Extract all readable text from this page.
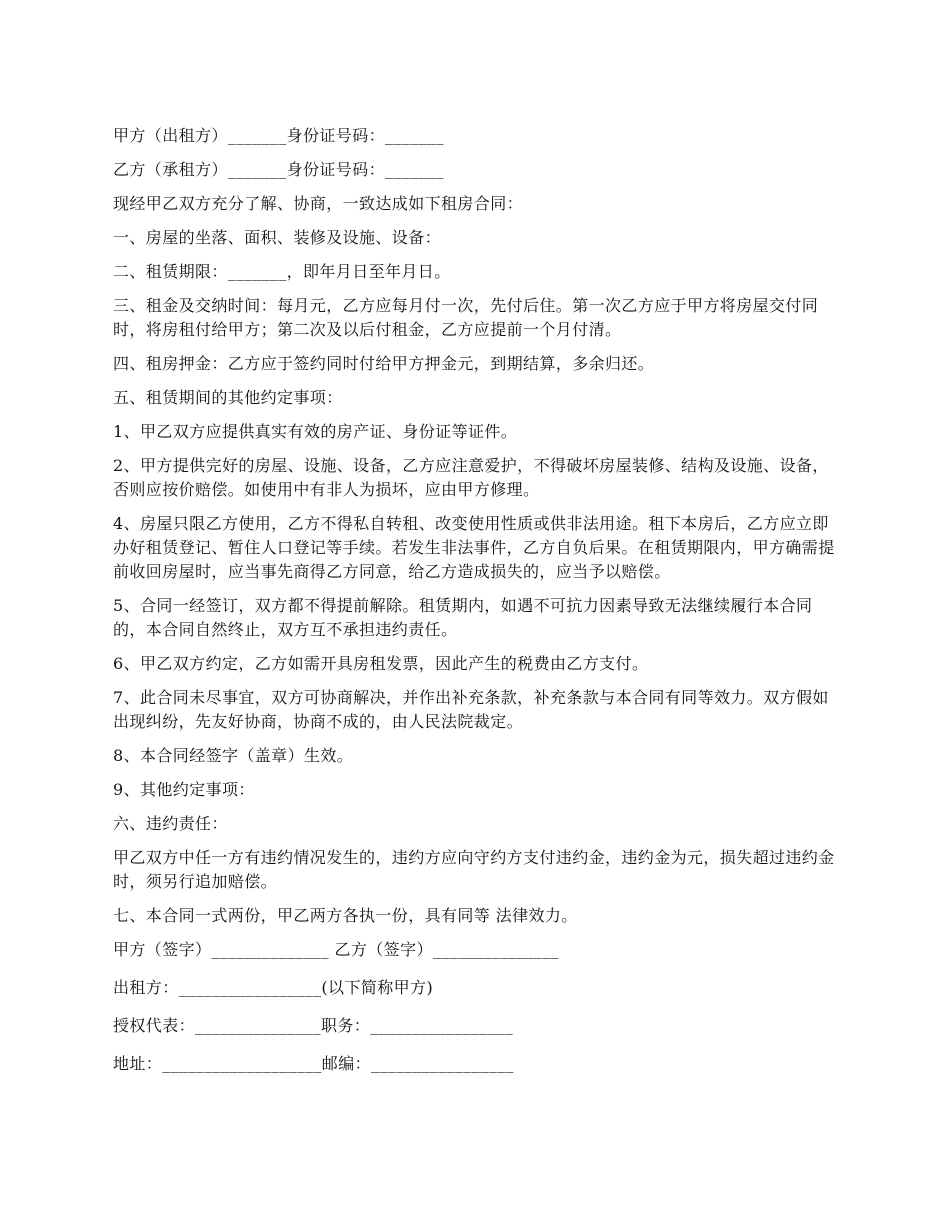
甲方（出租方）_______身份证号码：_______

乙方（承租方）_______身份证号码：_______

现经甲乙双方充分了解、协商，一致达成如下租房合同：

一、房屋的坐落、面积、装修及设施、设备：

二、租赁期限：_______，即年月日至年月日。

三、租金及交纳时间：每月元，乙方应每月付一次，先付后住。第一次乙方应于甲方将房屋交付同时，将房租付给甲方；第二次及以后付租金，乙方应提前一个月付清。

四、租房押金：乙方应于签约同时付给甲方押金元，到期结算，多余归还。

五、租赁期间的其他约定事项：

1、甲乙双方应提供真实有效的房产证、身份证等证件。

2、甲方提供完好的房屋、设施、设备，乙方应注意爱护，不得破坏房屋装修、结构及设施、设备，否则应按价赔偿。如使用中有非人为损坏，应由甲方修理。

4、房屋只限乙方使用，乙方不得私自转租、改变使用性质或供非法用途。租下本房后，乙方应立即办好租赁登记、暂住人口登记等手续。若发生非法事件，乙方自负后果。在租赁期限内，甲方确需提前收回房屋时，应当事先商得乙方同意，给乙方造成损失的，应当予以赔偿。

5、合同一经签订，双方都不得提前解除。租赁期内，如遇不可抗力因素导致无法继续履行本合同的，本合同自然终止，双方互不承担违约责任。

6、甲乙双方约定，乙方如需开具房租发票，因此产生的税费由乙方支付。

7、此合同未尽事宜，双方可协商解决，并作出补充条款，补充条款与本合同有同等效力。双方假如出现纠纷，先友好协商，协商不成的，由人民法院裁定。

8、本合同经签字（盖章）生效。

9、其他约定事项：

六、违约责任：

甲乙双方中任一方有违约情况发生的，违约方应向守约方支付违约金，违约金为元，损失超过违约金时，须另行追加赔偿。

七、本合同一式两份，甲乙两方各执一份，具有同等 法律效力。

甲方（签字）______________ 乙方（签字）_______________

出租方：_________________(以下简称甲方)

授权代表：_______________职务：_________________

地址：___________________邮编：_________________
